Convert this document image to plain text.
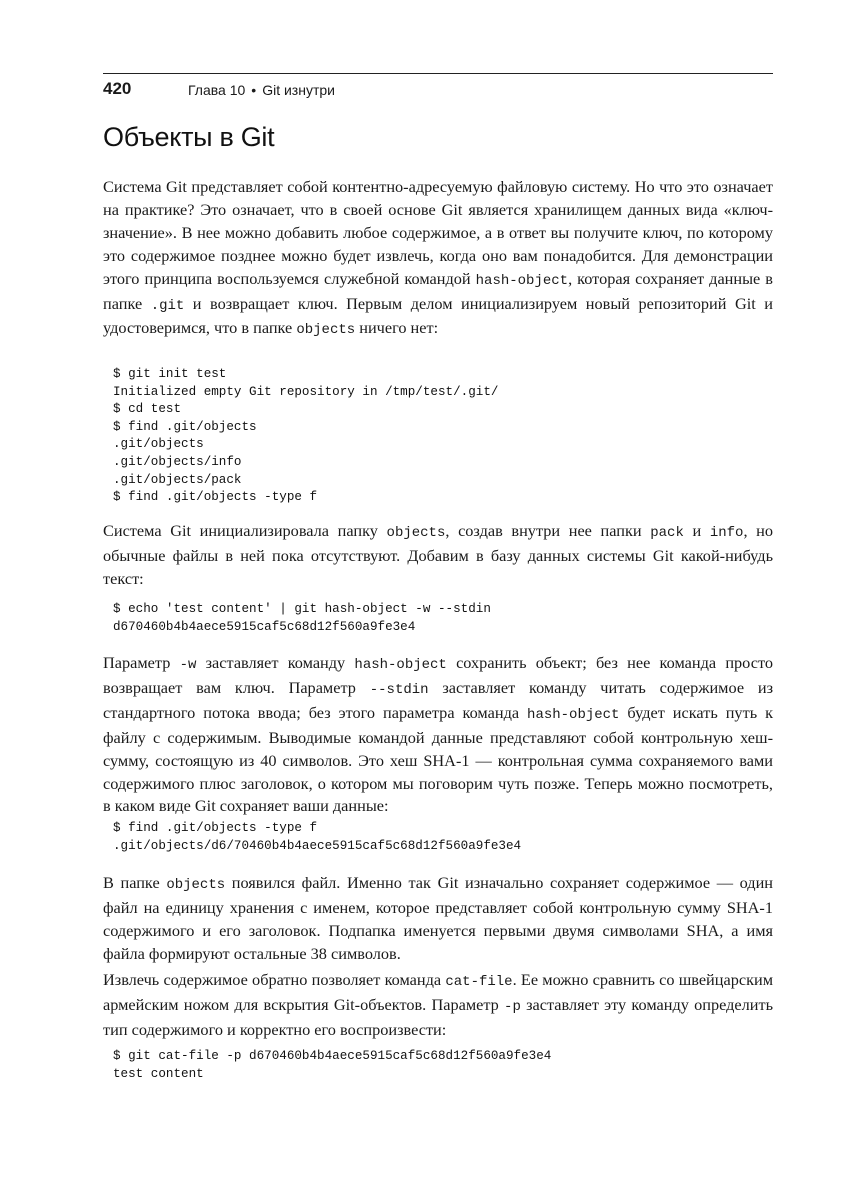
420	Глава 10 • Git изнутри
Объекты в Git

Система Git представляет собой контентно-адресуемую файловую систему. Но что это означает на практике? Это означает, что в своей основе Git является хранилищем данных вида «ключ-значение». В нее можно добавить любое содержимое, а в ответ вы получите ключ, по которому это содержимое позднее можно будет извлечь, когда оно вам понадобится. Для демонстрации этого принципа воспользуемся служебной командой hash-object, которая сохраняет данные в папке .git и возвращает ключ. Первым делом инициализируем новый репозиторий Git и удостоверимся, что в папке objects ничего нет:

$ git init test
Initialized empty Git repository in /tmp/test/.git/
$ cd test
$ find .git/objects
.git/objects
.git/objects/info
.git/objects/pack
$ find .git/objects -type f

Система Git инициализировала папку objects, создав внутри нее папки pack и info, но обычные файлы в ней пока отсутствуют. Добавим в базу данных системы Git какой-нибудь текст:

$ echo 'test content' | git hash-object -w --stdin
d670460b4b4aece5915caf5c68d12f560a9fe3e4

Параметр -w заставляет команду hash-object сохранить объект; без нее команда просто возвращает вам ключ. Параметр --stdin заставляет команду читать содержимое из стандартного потока ввода; без этого параметра команда hash-object будет искать путь к файлу с содержимым. Выводимые командой данные представляют собой контрольную хеш-сумму, состоящую из 40 символов. Это хеш SHA-1 — контрольная сумма сохраняемого вами содержимого плюс заголовок, о котором мы поговорим чуть позже. Теперь можно посмотреть, в каком виде Git сохраняет ваши данные:

$ find .git/objects -type f
.git/objects/d6/70460b4b4aece5915caf5c68d12f560a9fe3e4

В папке objects появился файл. Именно так Git изначально сохраняет содержимое — один файл на единицу хранения с именем, которое представляет собой контрольную сумму SHA-1 содержимого и его заголовок. Подпапка именуется первыми двумя символами SHA, а имя файла формируют остальные 38 символов.

Извлечь содержимое обратно позволяет команда cat-file. Ее можно сравнить со швейцарским армейским ножом для вскрытия Git-объектов. Параметр -p заставляет эту команду определить тип содержимого и корректно его воспроизвести:

$ git cat-file -p d670460b4b4aece5915caf5c68d12f560a9fe3e4
test content
